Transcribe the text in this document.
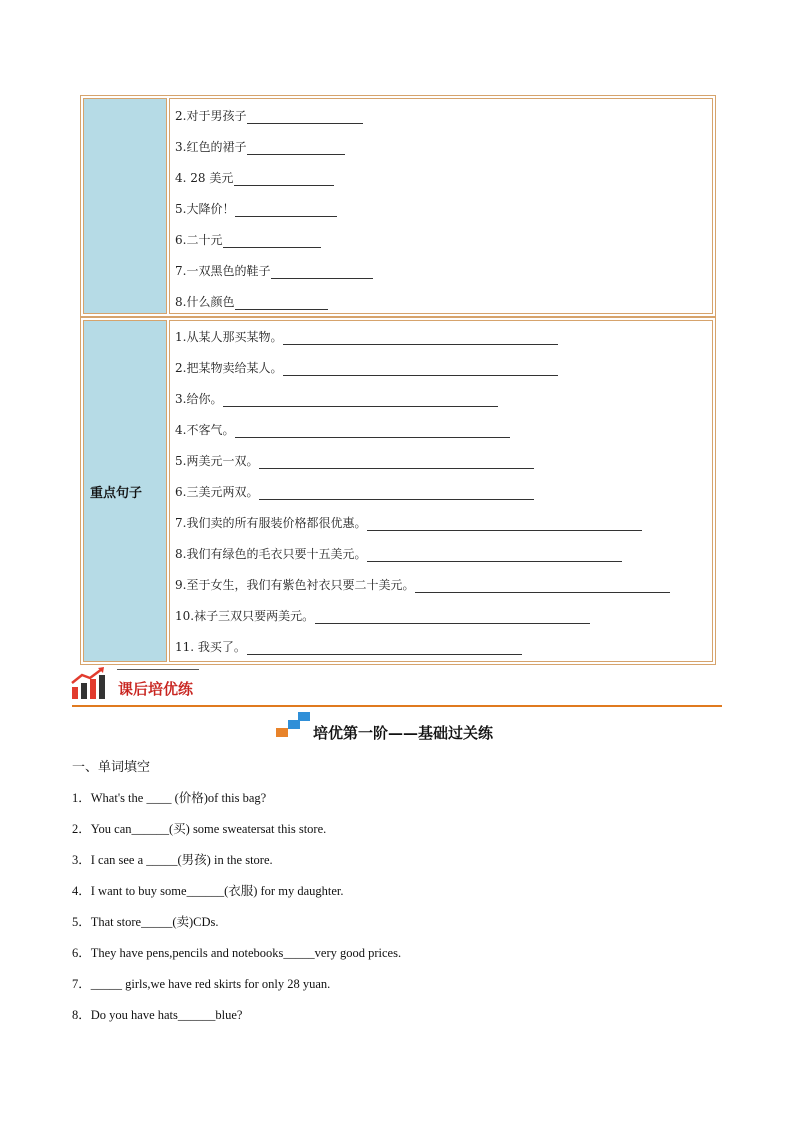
2.对于男孩子
3.红色的裙子
4. 28 美元
5.大降价！
6.二十元
7.一双黑色的鞋子
8.什么颜色
重点句子
1.从某人那买某物。
2.把某物卖给某人。
3.给你。
4.不客气。
5.两美元一双。
6.三美元两双。
7.我们卖的所有服装价格都很优惠。
8.我们有绿色的毛衣只要十五美元。
9.至于女生，我们有紫色衬衣只要二十美元。
10.袜子三双只要两美元。
11. 我买了。
课后培优练
培优第一阶——基础过关练
一、单词填空
1．What's the ____ (价格)of this bag?
2．You can______(买) some sweatersat this store.
3．I can see a _____(男孩) in the store.
4．I want to buy some______(衣服) for my daughter.
5．That store_____(卖)CDs.
6．They have pens,pencils and notebooks_____very good prices.
7．_____ girls,we have red skirts for only 28 yuan.
8．Do you have hats______blue?
